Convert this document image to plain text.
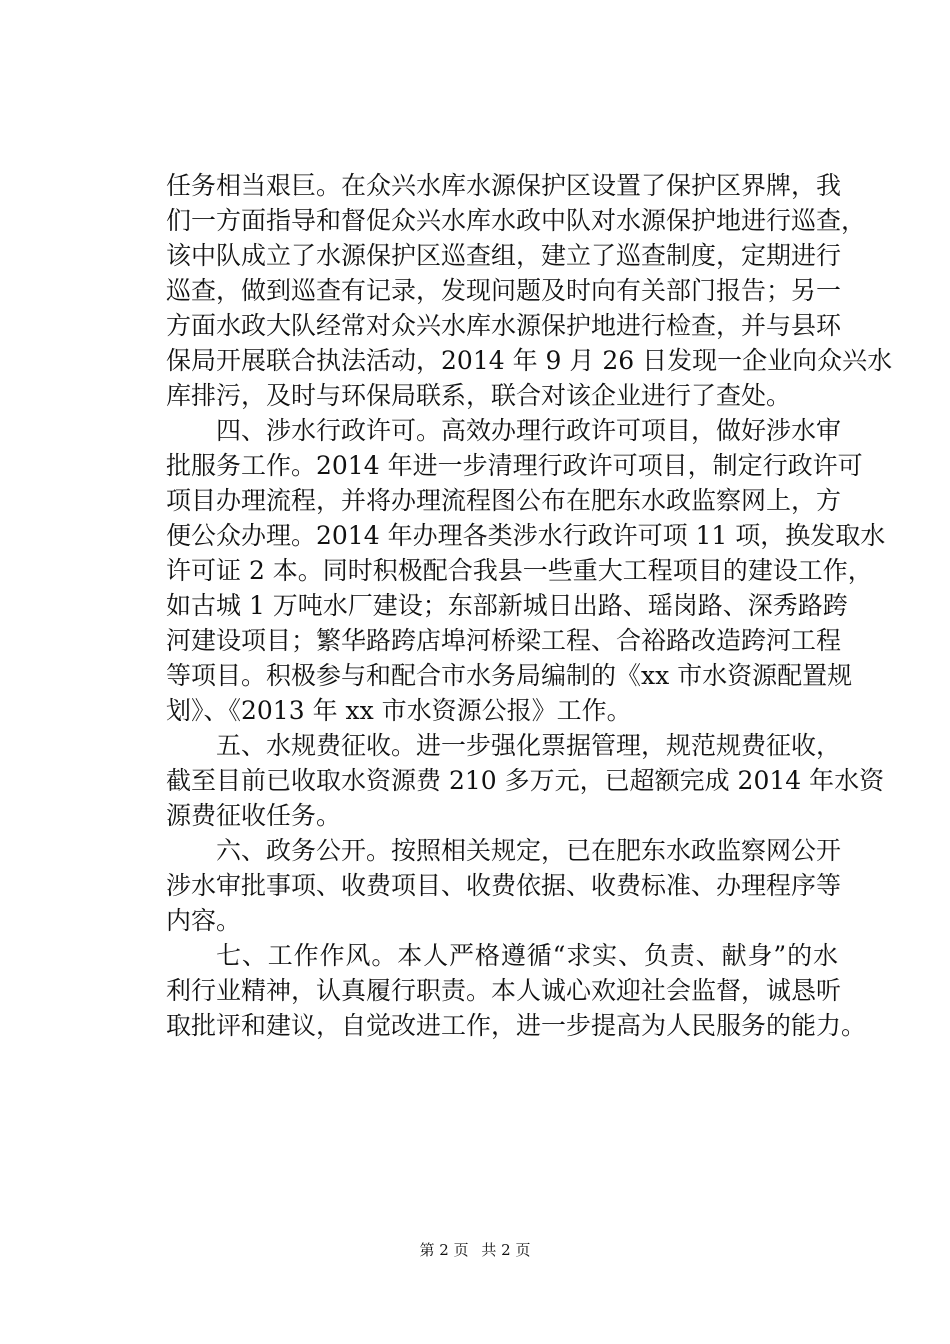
任务相当艰巨。在众兴水库水源保护区设置了保护区界牌，我
们一方面指导和督促众兴水库水政中队对水源保护地进行巡查，
该中队成立了水源保护区巡查组，建立了巡查制度，定期进行
巡查，做到巡查有记录，发现问题及时向有关部门报告；另一
方面水政大队经常对众兴水库水源保护地进行检查，并与县环
保局开展联合执法活动，2014 年 9 月 26 日发现一企业向众兴水
库排污，及时与环保局联系，联合对该企业进行了查处。
四、涉水行政许可。高效办理行政许可项目，做好涉水审
批服务工作。2014 年进一步清理行政许可项目，制定行政许可
项目办理流程，并将办理流程图公布在肥东水政监察网上，方
便公众办理。2014 年办理各类涉水行政许可项 11 项，换发取水
许可证 2 本。同时积极配合我县一些重大工程项目的建设工作，
如古城 1 万吨水厂建设；东部新城日出路、瑶岗路、深秀路跨
河建设项目；繁华路跨店埠河桥梁工程、合裕路改造跨河工程
等项目。积极参与和配合市水务局编制的《xx 市水资源配置规
划》、《2013 年 xx 市水资源公报》工作。
五、水规费征收。进一步强化票据管理，规范规费征收，
截至目前已收取水资源费 210 多万元，已超额完成 2014 年水资
源费征收任务。
六、政务公开。按照相关规定，已在肥东水政监察网公开
涉水审批事项、收费项目、收费依据、收费标准、办理程序等
内容。
七、工作作风。本人严格遵循“求实、负责、献身”的水
利行业精神，认真履行职责。本人诚心欢迎社会监督，诚恳听
取批评和建议，自觉改进工作，进一步提高为人民服务的能力。
第 2 页 共 2 页
